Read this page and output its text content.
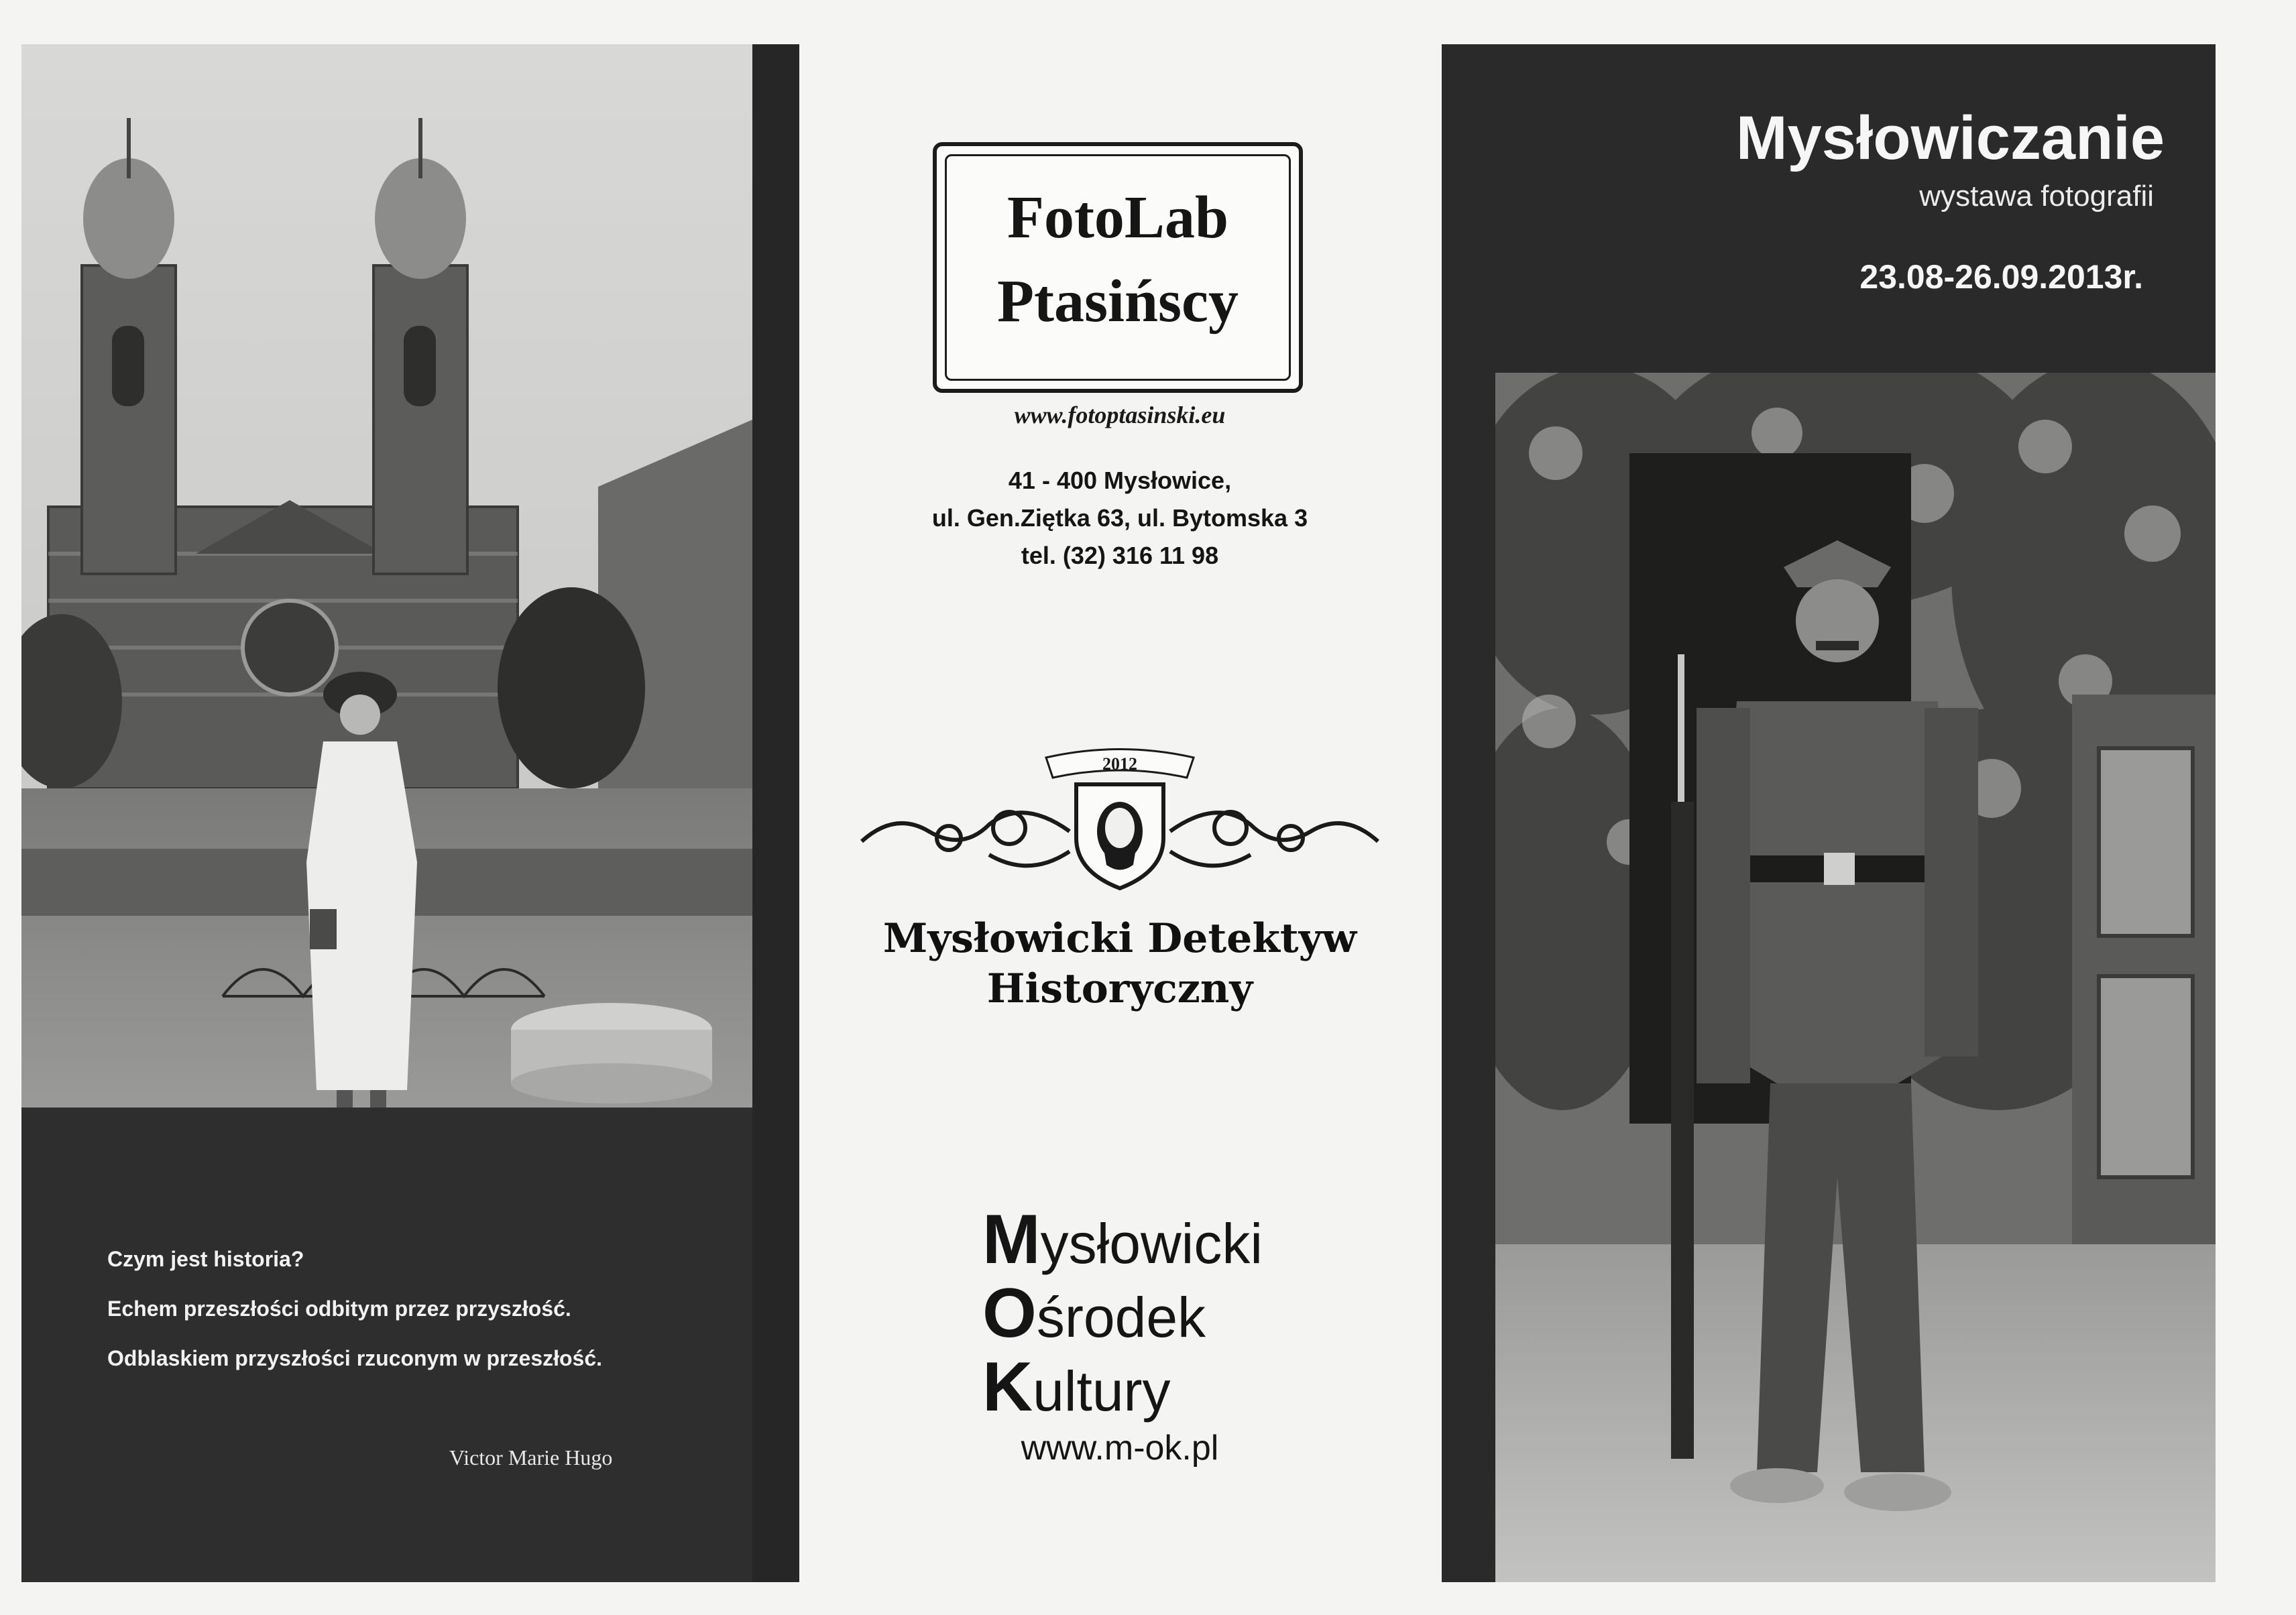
Czym jest historia?
Echem przeszłości odbitym przez przyszłość.
Odblaskiem przyszłości rzuconym w przeszłość.
Victor Marie Hugo
FotoLab
Ptasińscy
www.fotoptasinski.eu
41 - 400 Mysłowice,
ul. Gen.Ziętka 63, ul. Bytomska 3
tel. (32) 316 11 98
2012
Mysłowicki Detektyw
Historyczny
Mysłowicki
Ośrodek
Kultury
www.m-ok.pl
Mysłowiczanie
wystawa fotografii
23.08-26.09.2013r.
